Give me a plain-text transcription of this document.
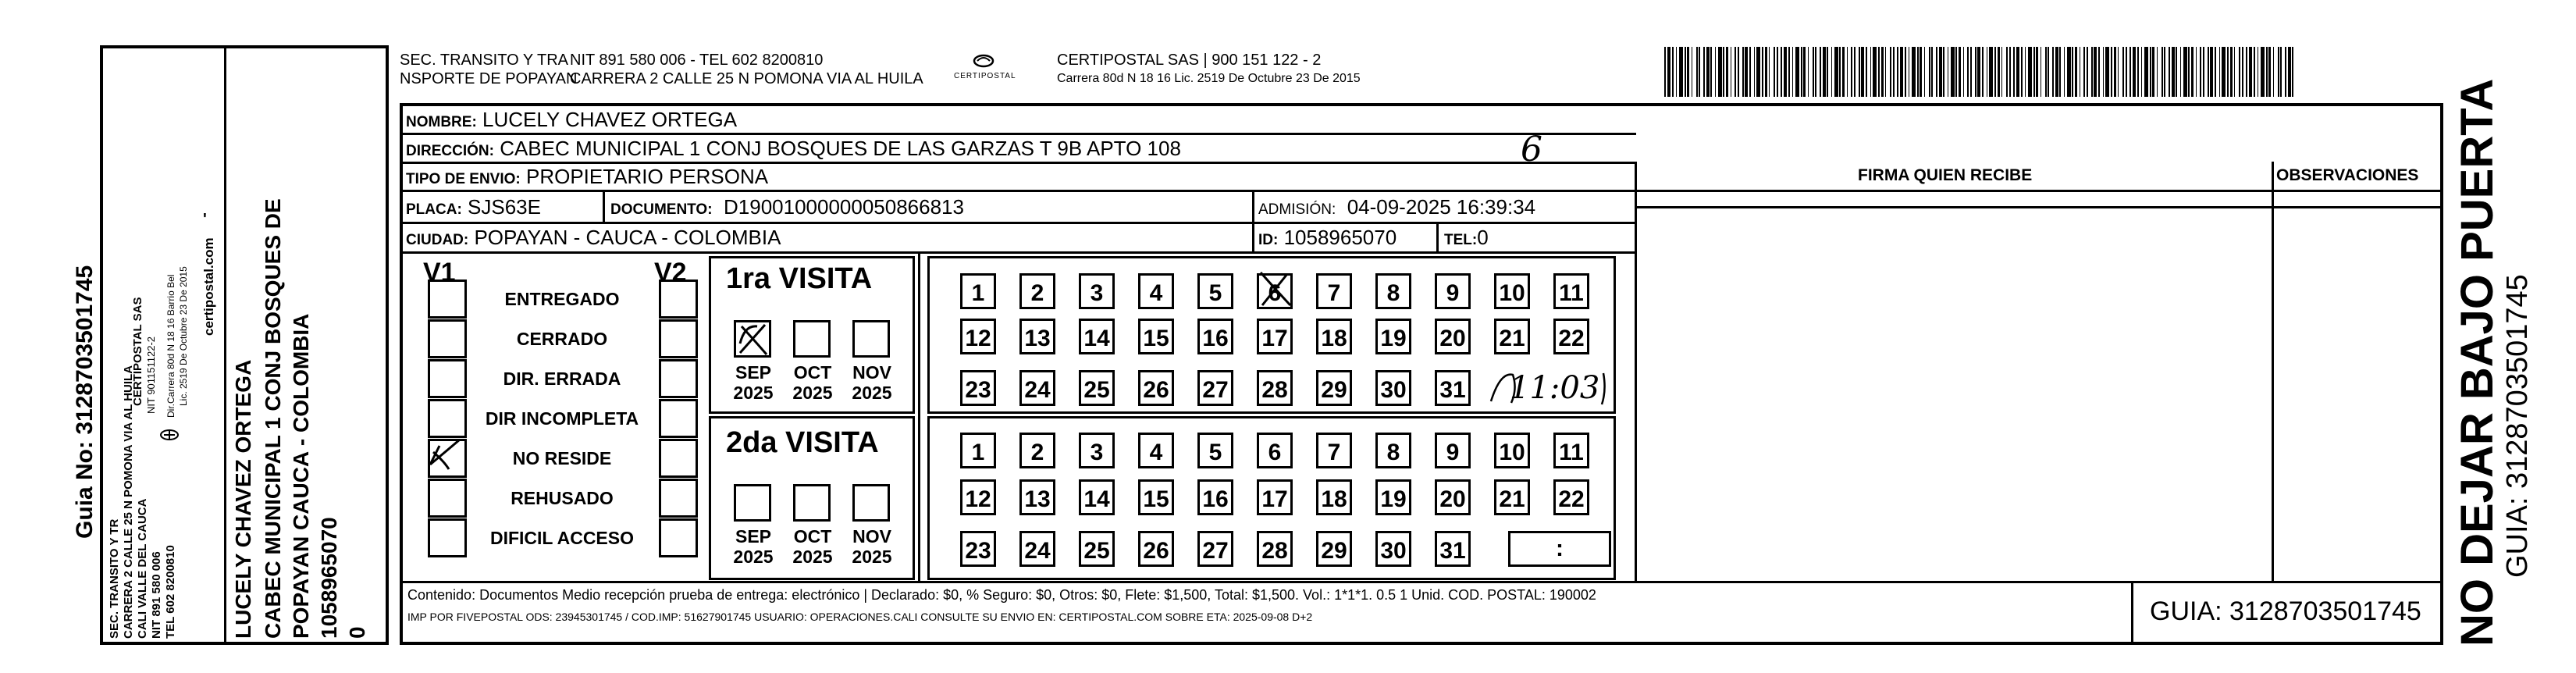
Guia No: 3128703501745
SEC. TRANSITO Y TR CARRERA 2 CALLE 25 N POMONA VIA AL HUILA CALI VALLE DEL CAUCA NIT 891 580 006 TEL 602 8200810
CERTIPOSTAL SAS NIT 901151122-2 Dir.Carrera 80d N 18 16 Barrio Bel Lic. 2519 De Octubre 23 De 2015 certipostal.com
'
LUCELY CHAVEZ ORTEGA CABEC MUNICIPAL 1 CONJ BOSQUES DE POPAYAN CAUCA - COLOMBIA 1058965070 0
SEC. TRANSITO Y TRA
NSPORTE DE POPAYAN
NIT 891 580 006 - TEL 602 8200810
CARRERA 2 CALLE 25 N POMONA VIA AL HUILA	CERTIPOSTAL
CERTIPOSTAL SAS | 900 151 122 - 2
Carrera 80d N 18 16 Lic. 2519 De Octubre 23 De 2015
NOMBRE: LUCELY CHAVEZ ORTEGA
DIRECCIÓN: CABEC MUNICIPAL 1 CONJ BOSQUES DE LAS GARZAS T 9B APTO 108	6
TIPO DE ENVIO: PROPIETARIO PERSONA
PLACA: SJS63E	DOCUMENTO: D19001000000050866813	ADMISIÓN: 04-09-2025 16:39:34
CIUDAD: POPAYAN - CAUCA - COLOMBIA	ID: 1058965070	TEL:0
FIRMA QUIEN RECIBE	OBSERVACIONES
V1	V2
ENTREGADO
CERRADO
DIR. ERRADA
DIR INCOMPLETA
NO RESIDE
REHUSADO
DIFICIL ACCESO
1ra VISITA
2da VISITA
SEP
2025
OCT
2025
NOV
2025
SEP
2025
OCT
2025
NOV
2025
1	2	3	4	5	6	7	8	9	10 11
12 13 14 15 16 17 18 19 20 21 22
23 24 25 26 27 28 29 30 31
1	2	3	4	5	6	7	8	9	10 11
12 13 14 15 16 17 18 19 20 21 22
23 24 25 26 27 28 29 30 31	:
11:03
Contenido: Documentos Medio recepción prueba de entrega: electrónico | Declarado: $0, % Seguro: $0, Otros: $0, Flete: $1,500, Total: $1,500. Vol.: 1*1*1. 0.5 1 Unid. COD. POSTAL: 190002
IMP POR FIVEPOSTAL ODS: 23945301745 / COD.IMP: 51627901745 USUARIO: OPERACIONES.CALI CONSULTE SU ENVIO EN: CERTIPOSTAL.COM SOBRE ETA: 2025-09-08 D+2	GUIA: 3128703501745 NO DEJAR BAJO PUERTA
GUIA: 3128703501745
